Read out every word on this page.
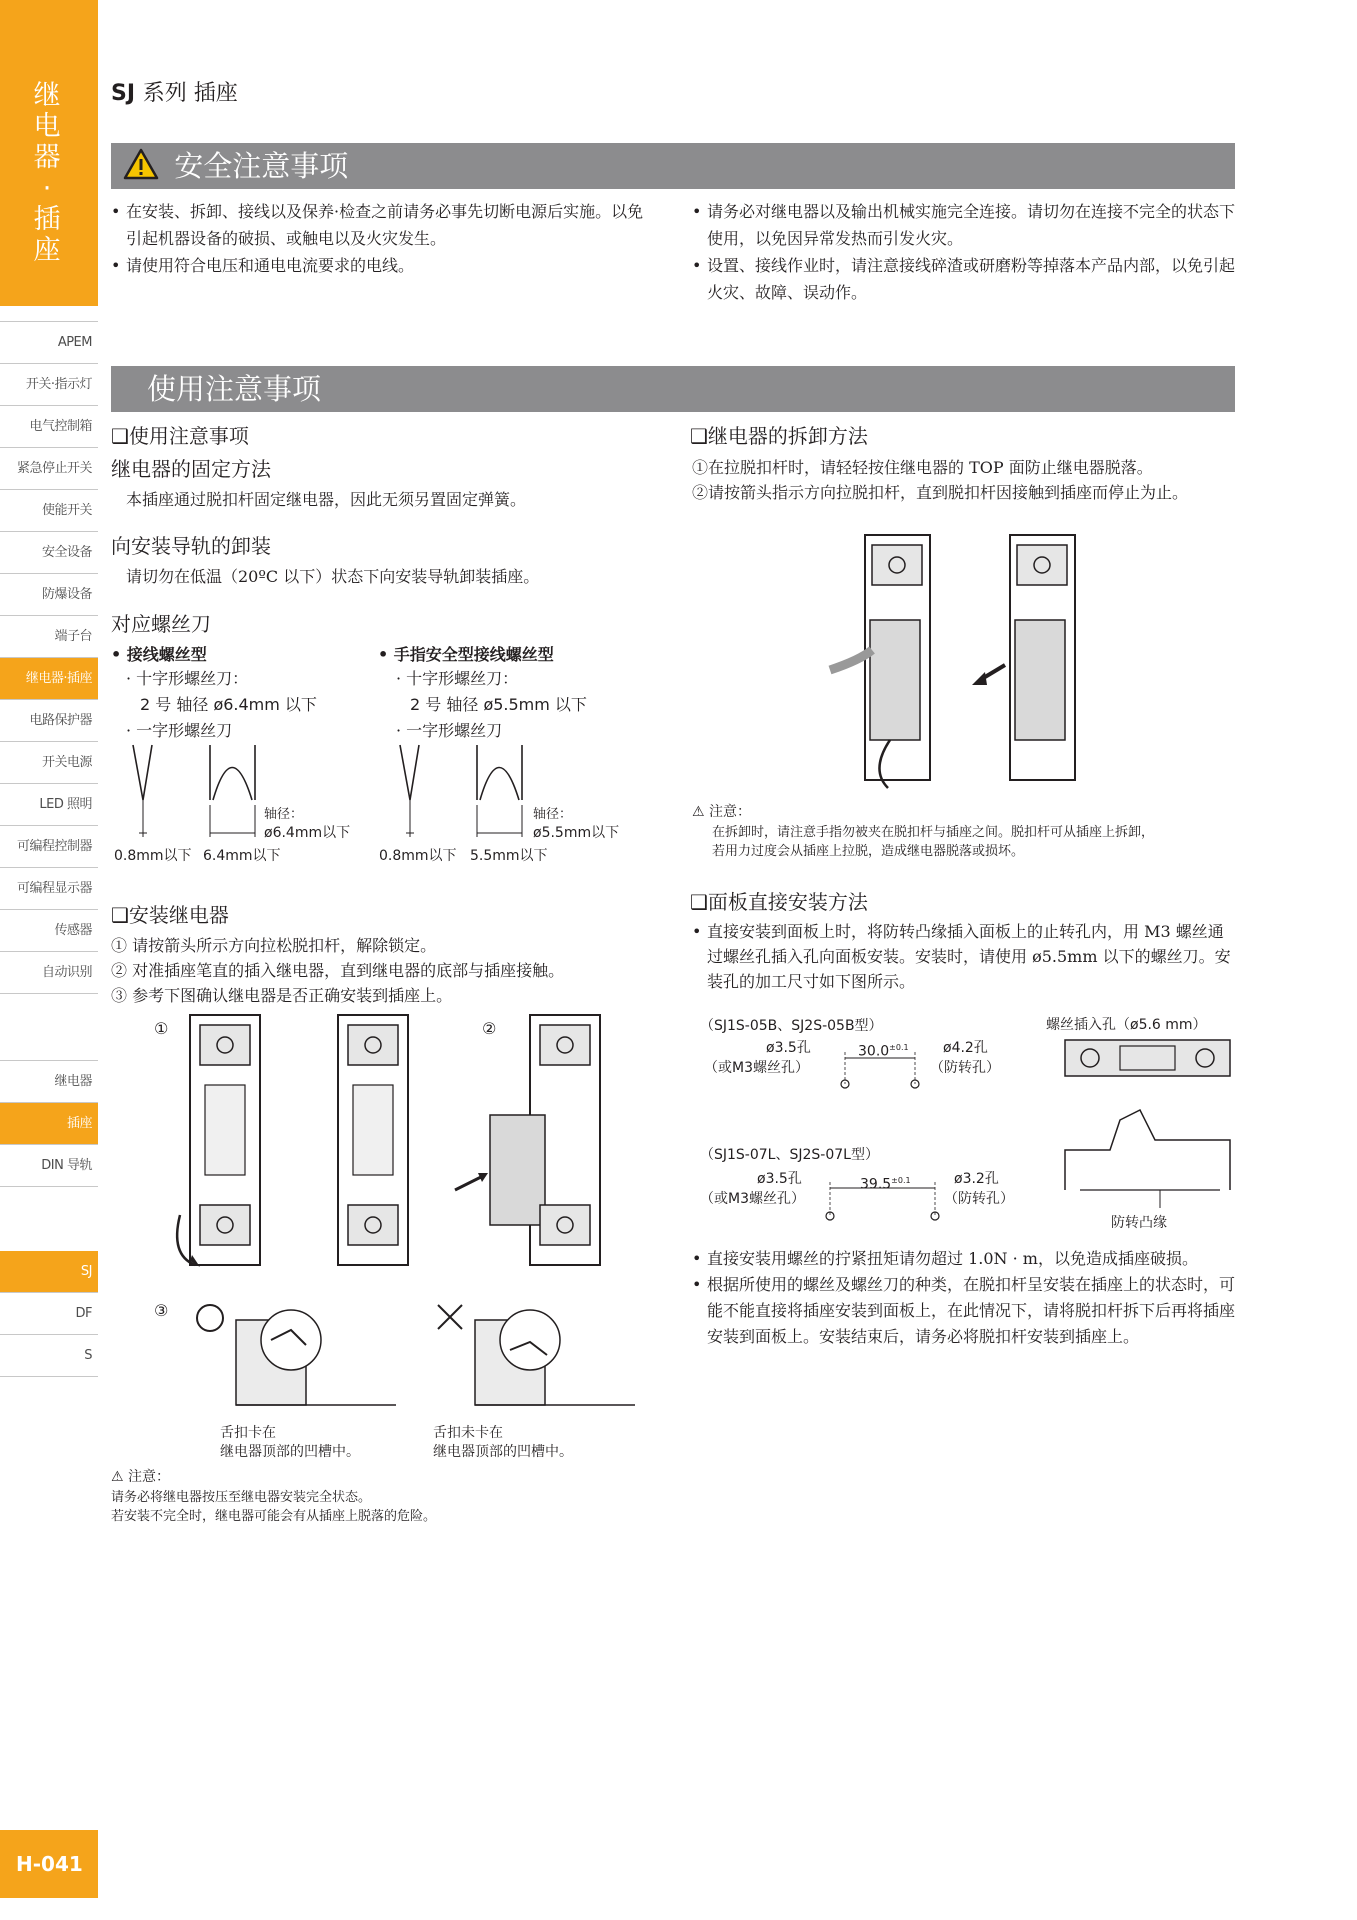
继电器·插座
APEM
开关·指示灯
电气控制箱
紧急停止开关
使能开关
安全设备
防爆设备
端子台
继电器·插座
电路保护器
开关电源
LED 照明
可编程控制器
可编程显示器
传感器
自动识别
继电器
插座
DIN 导轨
SJ
DF
S
H-041
SJ 系列 插座
安全注意事项
• 在安装、拆卸、接线以及保养·检查之前请务必事先切断电源后实施。以免引起机器设备的破损、或触电以及火灾发生。
• 请使用符合电压和通电电流要求的电线。
• 请务必对继电器以及输出机械实施完全连接。请切勿在连接不完全的状态下使用，以免因异常发热而引发火灾。
• 设置、接线作业时，请注意接线碎渣或研磨粉等掉落本产品内部，以免引起火灾、故障、误动作。
使用注意事项
❑使用注意事项
继电器的固定方法
本插座通过脱扣杆固定继电器，因此无须另置固定弹簧。
向安装导轨的卸装
请切勿在低温（20ºC 以下）状态下向安装导轨卸装插座。
对应螺丝刀
• 接线螺丝型
· 十字形螺丝刀：
2 号 轴径 ø6.4mm 以下
· 一字形螺丝刀
轴径：
ø6.4mm以下
0.8mm以下 6.4mm以下
• 手指安全型接线螺丝型
· 十字形螺丝刀：
2 号 轴径 ø5.5mm 以下
· 一字形螺丝刀
轴径：
ø5.5mm以下
0.8mm以下 5.5mm以下
❑安装继电器
① 请按箭头所示方向拉松脱扣杆，解除锁定。
② 对准插座笔直的插入继电器，直到继电器的底部与插座接触。
③ 参考下图确认继电器是否正确安装到插座上。
①	②
③
舌扣卡在
继电器顶部的凹槽中。
舌扣未卡在
继电器顶部的凹槽中。
⚠ 注意：
请务必将继电器按压至继电器安装完全状态。
若安装不完全时，继电器可能会有从插座上脱落的危险。
❑继电器的拆卸方法
①在拉脱扣杆时，请轻轻按住继电器的 TOP 面防止继电器脱落。
②请按箭头指示方向拉脱扣杆，直到脱扣杆因接触到插座而停止为止。
⚠ 注意：
在拆卸时，请注意手指勿被夹在脱扣杆与插座之间。脱扣杆可从插座上拆卸，
若用力过度会从插座上拉脱，造成继电器脱落或损坏。
❑面板直接安装方法
• 直接安装到面板上时，将防转凸缘插入面板上的止转孔内，用 M3 螺丝通过螺丝孔插入孔向面板安装。安装时，请使用 ø5.5mm 以下的螺丝刀。安装孔的加工尺寸如下图所示。
（SJ1S-05B、SJ2S-05B型）
ø3.5孔
（或M3螺丝孔）
$30.0^{\pm 0.1}$ ø4.2孔
（防转孔）
（SJ1S-07L、SJ2S-07L型）
ø3.5孔
（或M3螺丝孔）
$39.5^{\pm 0.1}$	ø3.2孔
（防转孔）
螺丝插入孔（ø5.6 mm）
防转凸缘
• 直接安装用螺丝的拧紧扭矩请勿超过 1.0N · m，以免造成插座破损。
• 根据所使用的螺丝及螺丝刀的种类，在脱扣杆呈安装在插座上的状态时，可能不能直接将插座安装到面板上，在此情况下，请将脱扣杆拆下后再将插座安装到面板上。安装结束后，请务必将脱扣杆安装到插座上。
